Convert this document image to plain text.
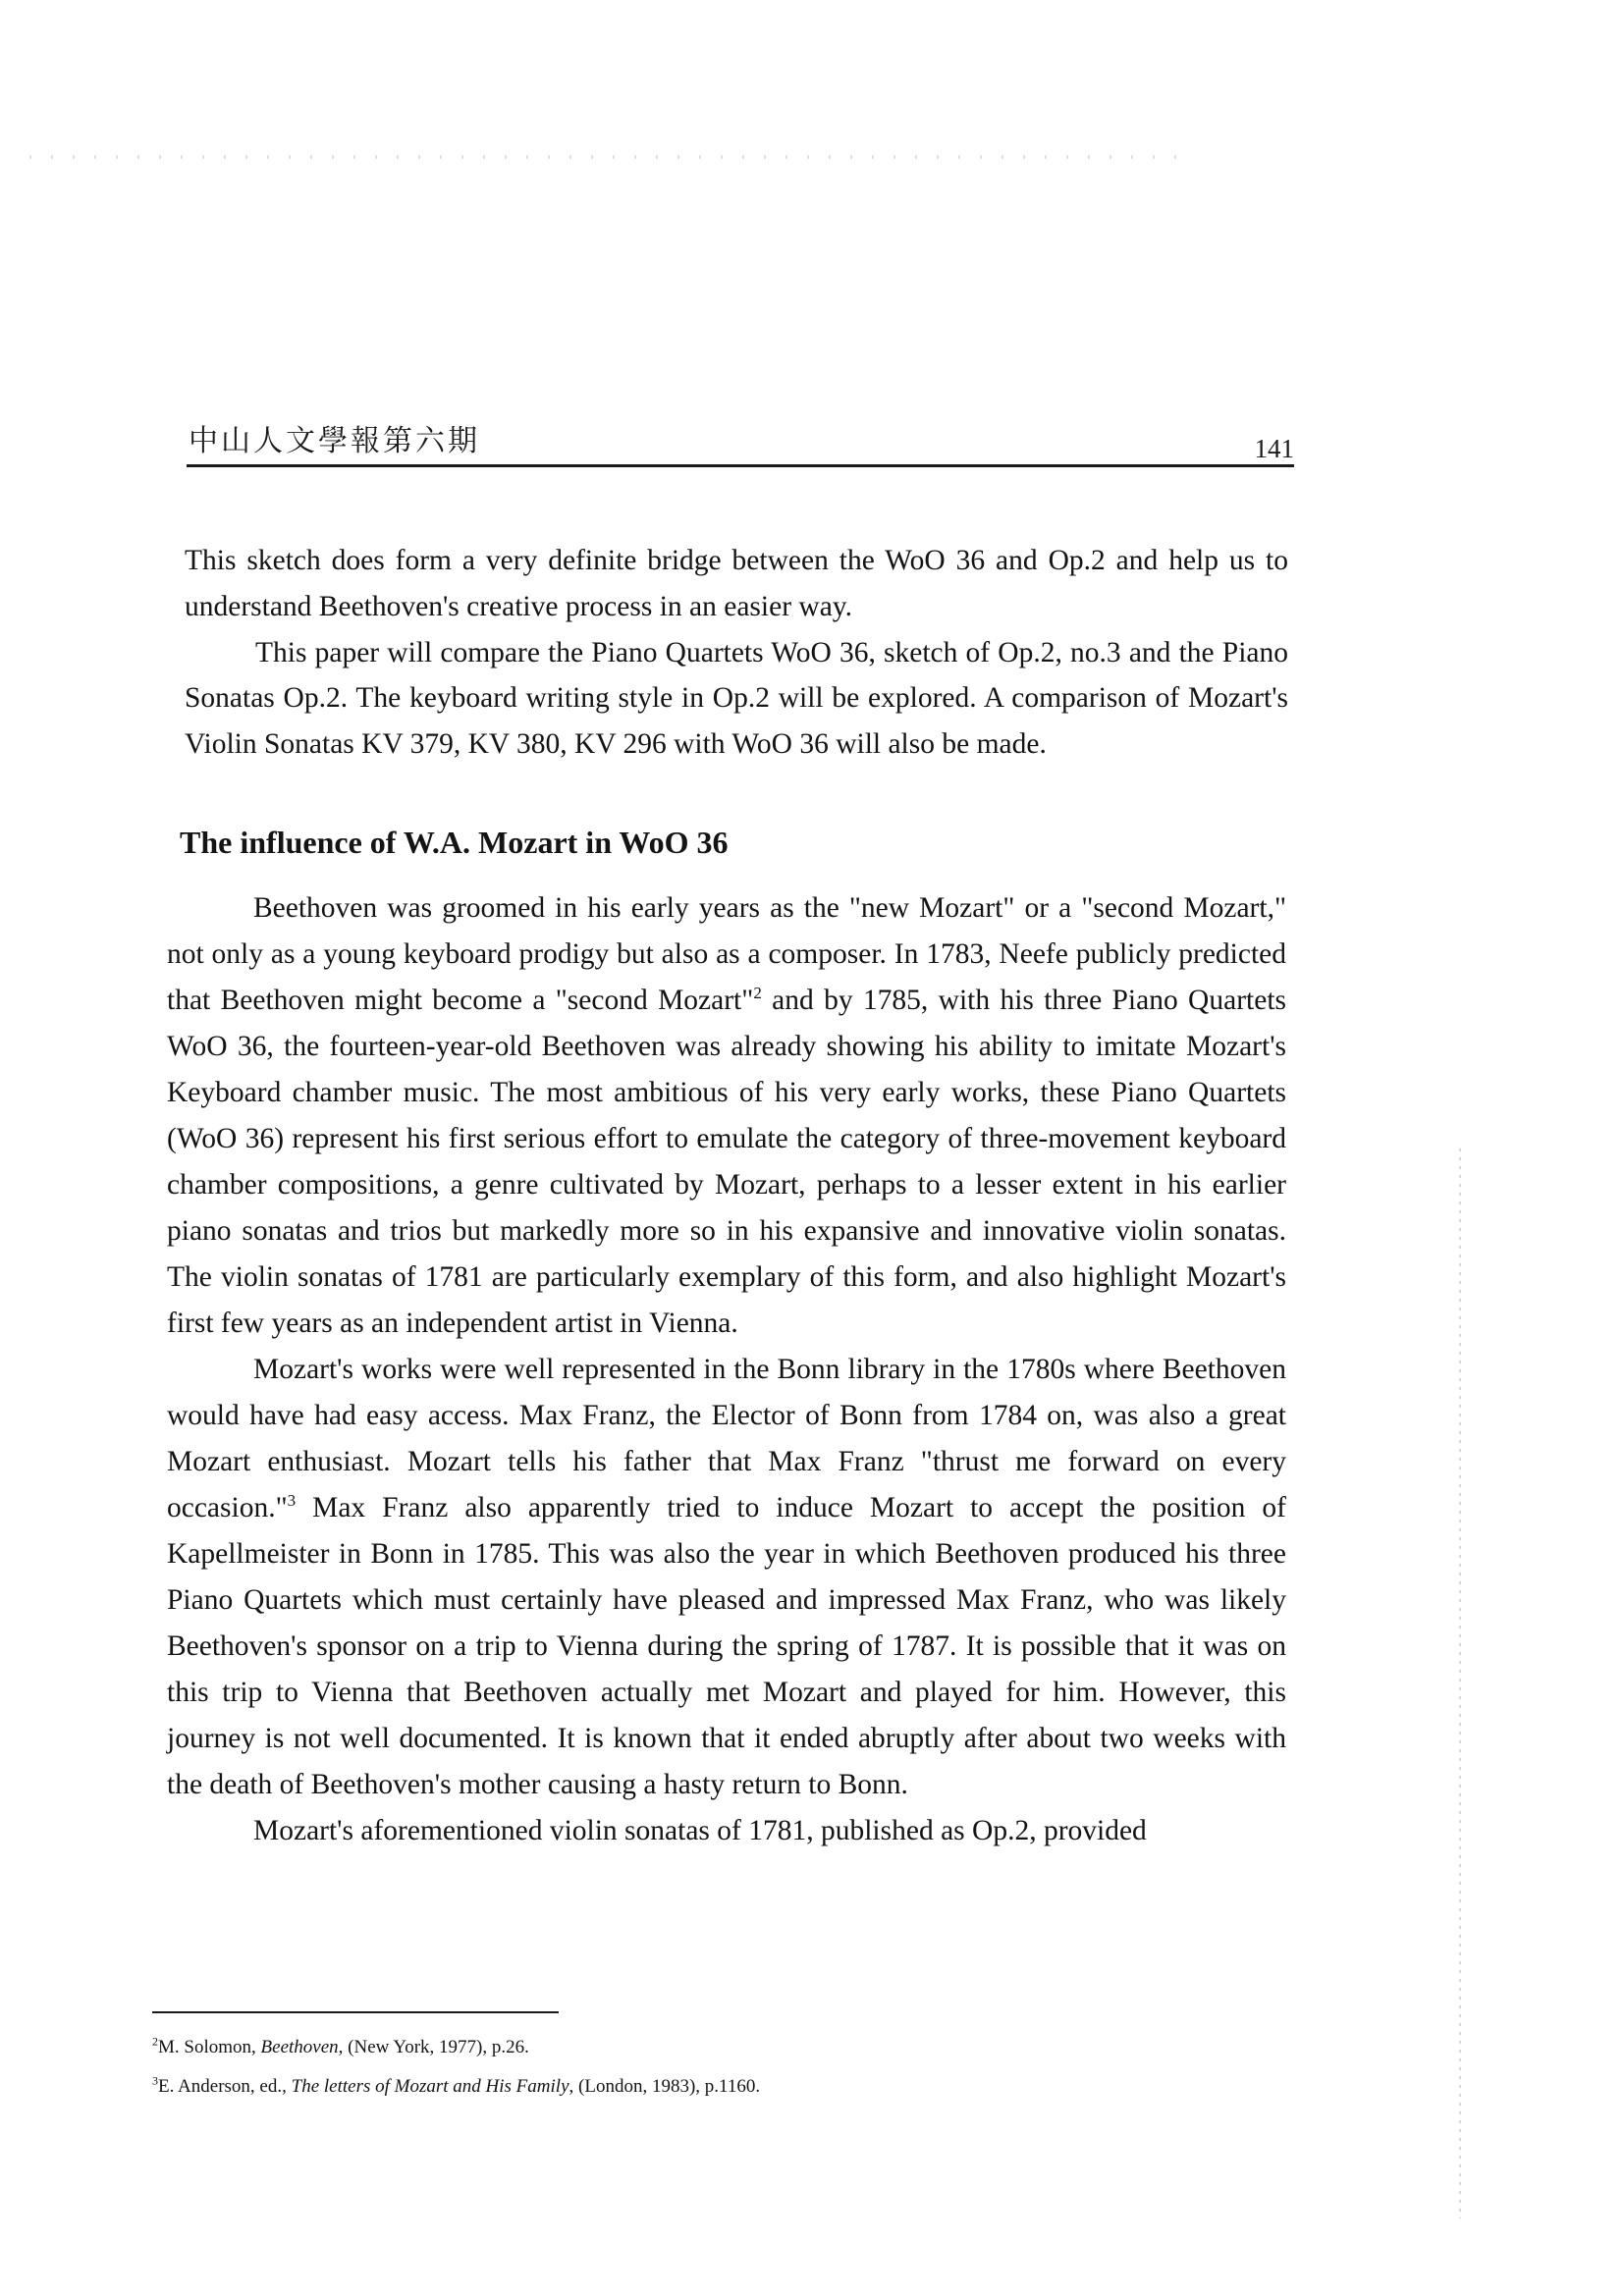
中山人文學報第六期	141

This sketch does form a very definite bridge between the WoO 36 and Op.2 and help us to understand Beethoven's creative process in an easier way.

This paper will compare the Piano Quartets WoO 36, sketch of Op.2, no.3 and the Piano Sonatas Op.2. The keyboard writing style in Op.2 will be explored. A comparison of Mozart's Violin Sonatas KV 379, KV 380, KV 296 with WoO 36 will also be made.

The influence of W.A. Mozart in WoO 36

Beethoven was groomed in his early years as the "new Mozart" or a "second Mozart," not only as a young keyboard prodigy but also as a composer. In 1783, Neefe publicly predicted that Beethoven might become a "second Mozart"$^2$ and by 1785, with his three Piano Quartets WoO 36, the fourteen-year-old Beethoven was already showing his ability to imitate Mozart's Keyboard chamber music. The most ambitious of his very early works, these Piano Quartets (WoO 36) represent his first serious effort to emulate the category of three-movement keyboard chamber compositions, a genre cultivated by Mozart, perhaps to a lesser extent in his earlier piano sonatas and trios but markedly more so in his expansive and innovative violin sonatas. The violin sonatas of 1781 are particularly exemplary of this form, and also highlight Mozart's first few years as an independent artist in Vienna.

Mozart's works were well represented in the Bonn library in the 1780s where Beethoven would have had easy access. Max Franz, the Elector of Bonn from 1784 on, was also a great Mozart enthusiast. Mozart tells his father that Max Franz "thrust me forward on every occasion."$^3$ Max Franz also apparently tried to induce Mozart to accept the position of Kapellmeister in Bonn in 1785. This was also the year in which Beethoven produced his three Piano Quartets which must certainly have pleased and impressed Max Franz, who was likely Beethoven's sponsor on a trip to Vienna during the spring of 1787. It is possible that it was on this trip to Vienna that Beethoven actually met Mozart and played for him. However, this journey is not well documented. It is known that it ended abruptly after about two weeks with the death of Beethoven's mother causing a hasty return to Bonn.

Mozart's aforementioned violin sonatas of 1781, published as Op.2, provided

$^2$M. Solomon, Beethoven, (New York, 1977), p.26.

$^3$E. Anderson, ed., The letters of Mozart and His Family, (London, 1983), p.1160.
